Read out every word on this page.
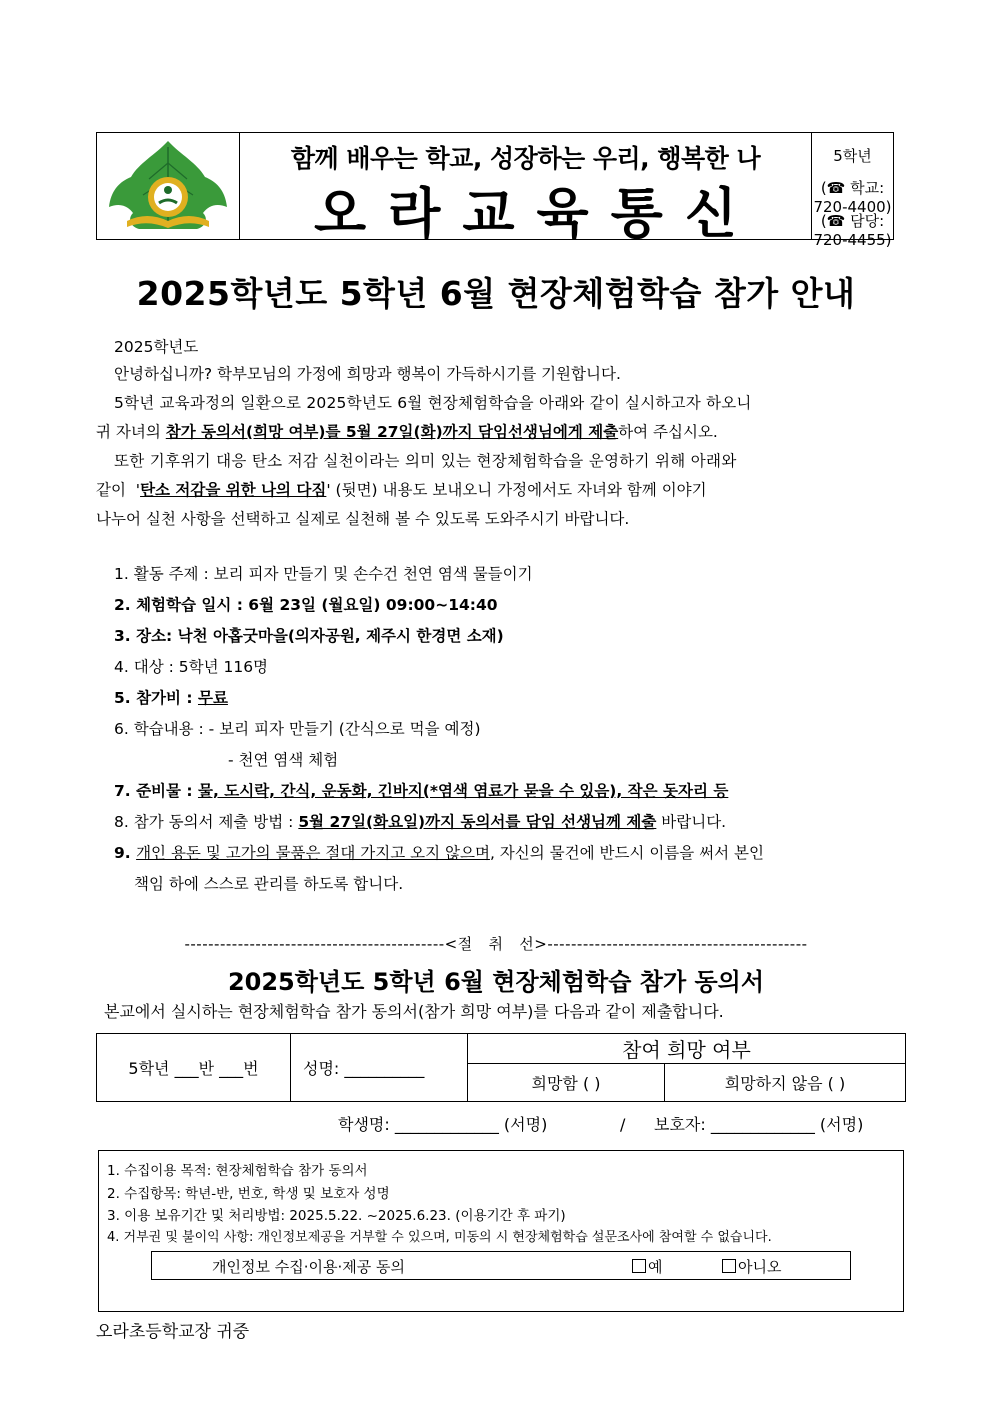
함께 배우는 학교, 성장하는 우리, 행복한 나
오라교육통신
5학년
(☎ 학교: 720-4400)
(☎ 담당: 720-4455)
2025학년도 5학년 6월 현장체험학습 참가 안내
2025학년도
안녕하십니까? 학부모님의 가정에 희망과 행복이 가득하시기를 기원합니다.
5학년 교육과정의 일환으로 2025학년도 6월 현장체험학습을 아래와 같이 실시하고자 하오니
귀 자녀의 참가 동의서(희망 여부)를 5월 27일(화)까지 담임선생님에게 제출하여 주십시오.
또한 기후위기 대응 탄소 저감 실천이라는 의미 있는 현장체험학습을 운영하기 위해 아래와
같이  '탄소 저감을 위한 나의 다짐' (뒷면) 내용도 보내오니 가정에서도 자녀와 함께 이야기
나누어 실천 사항을 선택하고 실제로 실천해 볼 수 있도록 도와주시기 바랍니다.
1. 활동 주제 : 보리 피자 만들기 및 손수건 천연 염색 물들이기
2. 체험학습 일시 : 6월 23일 (월요일) 09:00~14:40
3. 장소: 낙천 아홉굿마을(의자공원, 제주시 한경면 소재)
4. 대상 : 5학년 116명
5. 참가비 : 무료
6. 학습내용 : - 보리 피자 만들기 (간식으로 먹을 예정)
- 천연 염색 체험
7. 준비물 : 물, 도시락, 간식, 운동화, 긴바지(*염색 염료가 묻을 수 있음), 작은 돗자리 등
8. 참가 동의서 제출 방법 : 5월 27일(화요일)까지 동의서를 담임 선생님께 제출 바랍니다.
9. 개인 용돈 및 고가의 물품은 절대 가지고 오지 않으며, 자신의 물건에 반드시 이름을 써서 본인
책임 하에 스스로 관리를 하도록 합니다.
--------------------------------------------<절   취   선>--------------------------------------------
2025학년도 5학년 6월 현장체험학습 참가 동의서
본교에서 실시하는 현장체험학습 참가 동의서(참가 희망 여부)를 다음과 같이 제출합니다.
5학년 ___반 ___번	성명: __________	참여 희망 여부	
		희망함 ( )	희망하지 않음 ( )
학생명: _____________ (서명)	/ 보호자: _____________ (서명)
1. 수집이용 목적: 현장체험학습 참가 동의서
2. 수집항목: 학년-반, 번호, 학생 및 보호자 성명
3. 이용 보유기간 및 처리방법: 2025.5.22. ~2025.6.23. (이용기간 후 파기)
4. 거부권 및 불이익 사항: 개인정보제공을 거부할 수 있으며, 미동의 시 현장체험학습 설문조사에 참여할 수 없습니다.
개인정보 수집·이용·제공 동의	예	아니오
오라초등학교장 귀중
